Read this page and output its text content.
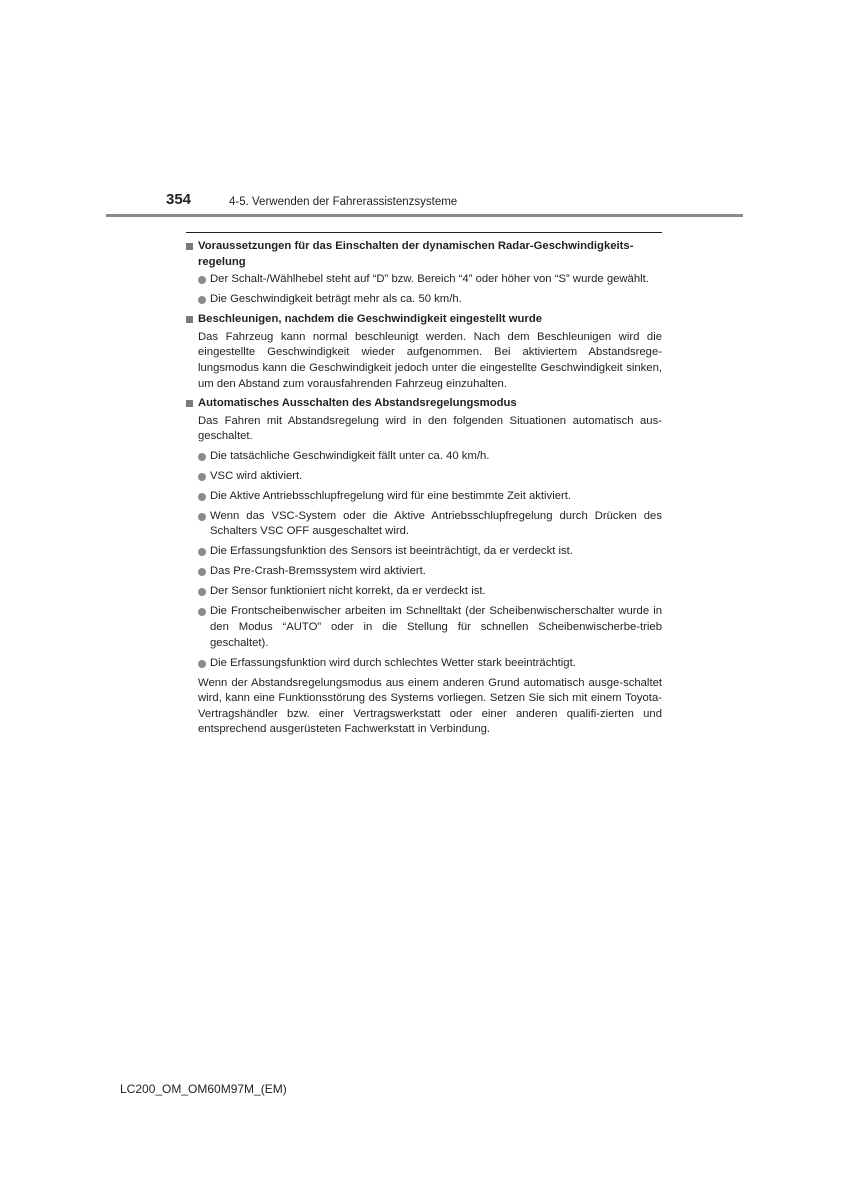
354	4-5. Verwenden der Fahrerassistenzsysteme
Voraussetzungen für das Einschalten der dynamischen Radar-Geschwindigkeits-regelung
Der Schalt-/Wählhebel steht auf “D” bzw. Bereich “4” oder höher von “S” wurde gewählt.
Die Geschwindigkeit beträgt mehr als ca. 50 km/h.
Beschleunigen, nachdem die Geschwindigkeit eingestellt wurde
Das Fahrzeug kann normal beschleunigt werden. Nach dem Beschleunigen wird die eingestellte Geschwindigkeit wieder aufgenommen. Bei aktiviertem Abstandsrege-lungsmodus kann die Geschwindigkeit jedoch unter die eingestellte Geschwindigkeit sinken, um den Abstand zum vorausfahrenden Fahrzeug einzuhalten.
Automatisches Ausschalten des Abstandsregelungsmodus
Das Fahren mit Abstandsregelung wird in den folgenden Situationen automatisch aus-geschaltet.
Die tatsächliche Geschwindigkeit fällt unter ca. 40 km/h.
VSC wird aktiviert.
Die Aktive Antriebsschlupfregelung wird für eine bestimmte Zeit aktiviert.
Wenn das VSC-System oder die Aktive Antriebsschlupfregelung durch Drücken des Schalters VSC OFF ausgeschaltet wird.
Die Erfassungsfunktion des Sensors ist beeinträchtigt, da er verdeckt ist.
Das Pre-Crash-Bremssystem wird aktiviert.
Der Sensor funktioniert nicht korrekt, da er verdeckt ist.
Die Frontscheibenwischer arbeiten im Schnelltakt (der Scheibenwischerschalter wurde in den Modus “AUTO” oder in die Stellung für schnellen Scheibenwischerbe-trieb geschaltet).
Die Erfassungsfunktion wird durch schlechtes Wetter stark beeinträchtigt.
Wenn der Abstandsregelungsmodus aus einem anderen Grund automatisch ausge-schaltet wird, kann eine Funktionsstörung des Systems vorliegen. Setzen Sie sich mit einem Toyota-Vertragshändler bzw. einer Vertragswerkstatt oder einer anderen qualifi-zierten und entsprechend ausgerüsteten Fachwerkstatt in Verbindung.
LC200_OM_OM60M97M_(EM)
